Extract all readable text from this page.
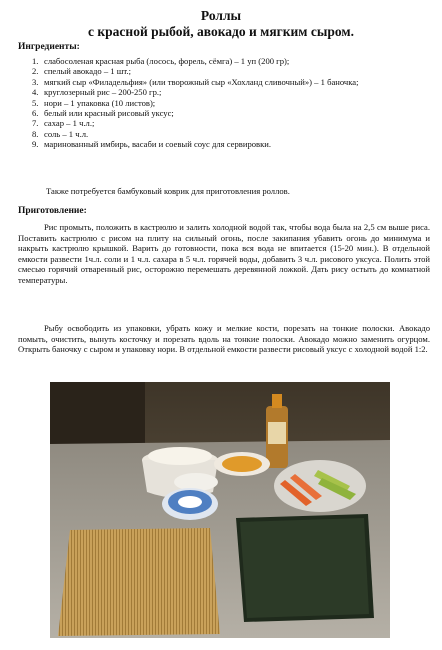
Роллы
с красной рыбой, авокадо и мягким сыром.
Ингредиенты:
1. слабосоленая красная рыба (лосось, форель, сёмга) – 1 уп (200 гр);
2. спелый авокадо – 1 шт.;
3. мягкий сыр «Филадельфия» (или творожный сыр «Хохланд сливочный») – 1 баночка;
4. круглозерный рис – 200-250 гр.;
5. нори – 1 упаковка (10 листов);
6. белый или красный рисовый уксус;
7. сахар – 1 ч.л.;
8. соль – 1 ч.л.
9. маринованный имбирь, васаби и соевый соус для сервировки.
Также потребуется бамбуковый коврик для приготовления роллов.
Приготовление:

Рис промыть, положить в кастрюлю и залить холодной водой так, чтобы вода была на 2,5 см выше риса. Поставить кастрюлю с рисом на плиту на сильный огонь, после закипания убавить огонь до минимума и накрыть кастрюлю крышкой. Варить до готовности, пока вся вода не впитается (15-20 мин.). В отдельной емкости развести 1ч.л. соли и 1 ч.л. сахара в 5 ч.л. горячей воды, добавить 3 ч.л. рисового уксуса. Полить этой смесью горячий отваренный рис, осторожно перемешать деревянной ложкой. Дать рису остыть до комнатной температуры.

Рыбу освободить из упаковки, убрать кожу и мелкие кости, порезать на тонкие полоски. Авокадо помыть, очистить, вынуть косточку и порезать вдоль на тонкие полоски. Авокадо можно заменить огурцом. Открыть баночку с сыром и упаковку нори. В отдельной емкости развести рисовый уксус с холодной водой 1:2.
